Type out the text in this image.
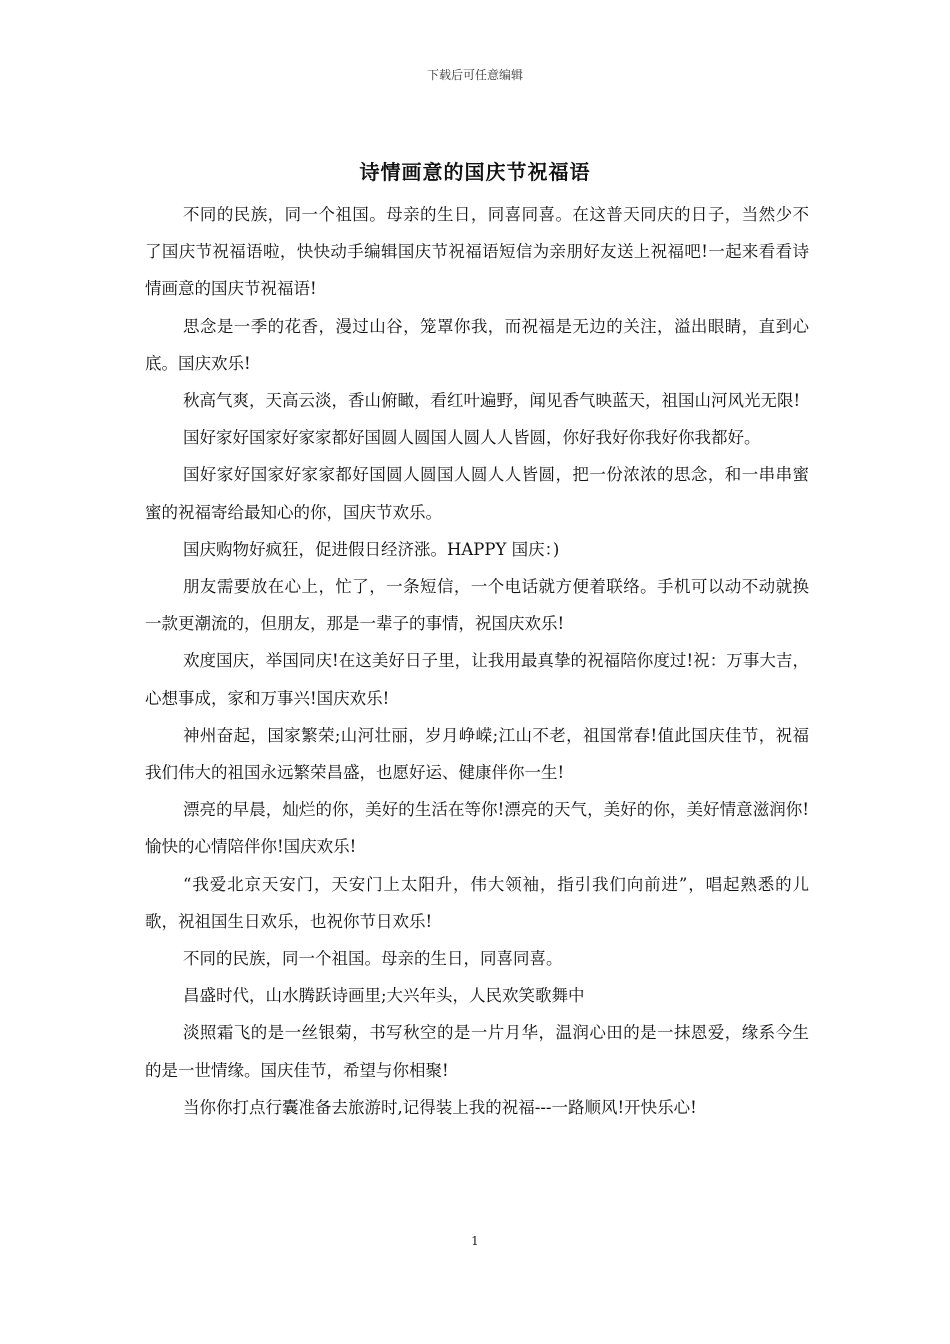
下载后可任意编辑
诗情画意的国庆节祝福语

不同的民族，同一个祖国。母亲的生日，同喜同喜。在这普天同庆的日子，当然少不了国庆节祝福语啦，快快动手编辑国庆节祝福语短信为亲朋好友送上祝福吧!一起来看看诗情画意的国庆节祝福语!

思念是一季的花香，漫过山谷，笼罩你我，而祝福是无边的关注，溢出眼睛，直到心底。国庆欢乐!

秋高气爽，天高云淡，香山俯瞰，看红叶遍野，闻见香气映蓝天，祖国山河风光无限!

国好家好国家好家家都好国圆人圆国人圆人人皆圆，你好我好你我好你我都好。

国好家好国家好家家都好国圆人圆国人圆人人皆圆，把一份浓浓的思念，和一串串蜜蜜的祝福寄给最知心的你，国庆节欢乐。

国庆购物好疯狂，促进假日经济涨。HAPPY 国庆：)

朋友需要放在心上，忙了，一条短信，一个电话就方便着联络。手机可以动不动就换一款更潮流的，但朋友，那是一辈子的事情，祝国庆欢乐!

欢度国庆，举国同庆!在这美好日子里，让我用最真挚的祝福陪你度过!祝：万事大吉，心想事成，家和万事兴!国庆欢乐!

神州奋起，国家繁荣;山河壮丽，岁月峥嵘;江山不老，祖国常春!值此国庆佳节，祝福我们伟大的祖国永远繁荣昌盛，也愿好运、健康伴你一生!

漂亮的早晨，灿烂的你，美好的生活在等你!漂亮的天气，美好的你，美好情意滋润你!愉快的心情陪伴你!国庆欢乐!

“我爱北京天安门，天安门上太阳升，伟大领袖，指引我们向前进”，唱起熟悉的儿歌，祝祖国生日欢乐，也祝你节日欢乐!

不同的民族，同一个祖国。母亲的生日，同喜同喜。

昌盛时代，山水腾跃诗画里;大兴年头，人民欢笑歌舞中

淡照霜飞的是一丝银菊，书写秋空的是一片月华，温润心田的是一抹恩爱，缘系今生的是一世情缘。国庆佳节，希望与你相聚!

当你你打点行囊准备去旅游时,记得装上我的祝福---一路顺风!开快乐心!

1
